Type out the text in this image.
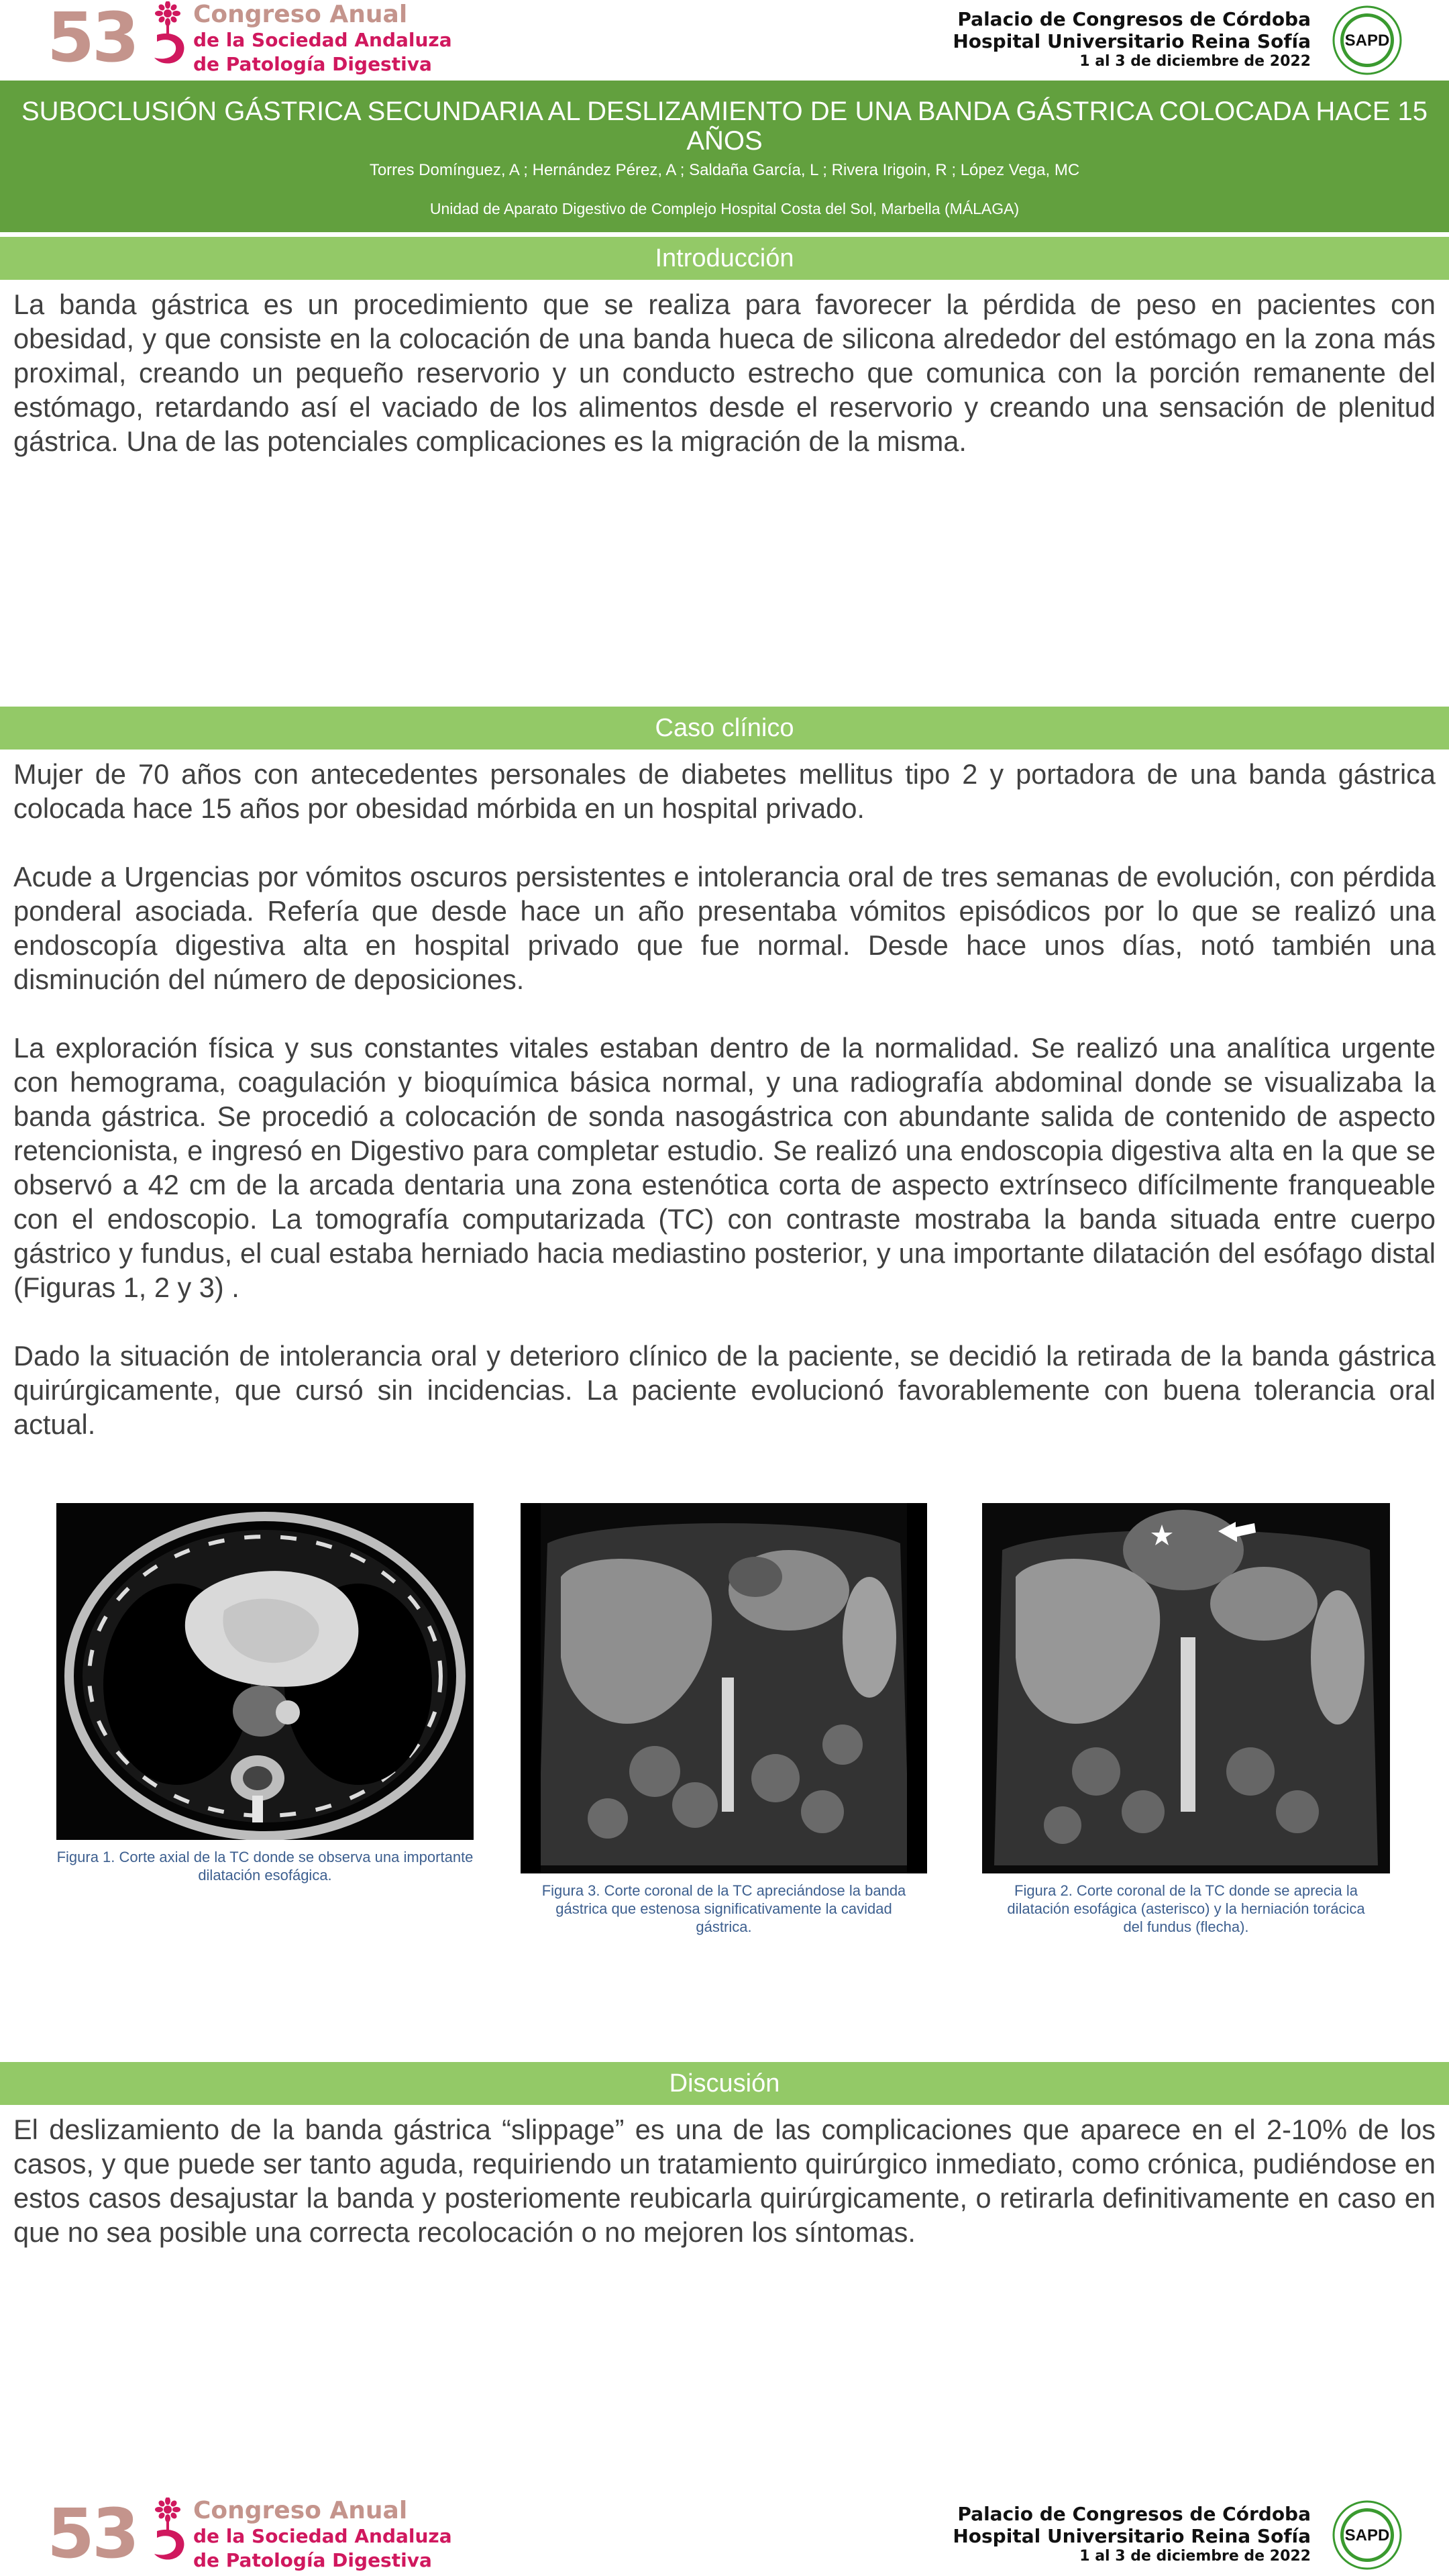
53 Congreso Anual
de la Sociedad Andaluza
de Patología Digestiva
Palacio de Congresos de Córdoba
Hospital Universitario Reina Sofía
1 al 3 de diciembre de 2022
SAPD
SUBOCLUSIÓN GÁSTRICA SECUNDARIA AL DESLIZAMIENTO DE UNA BANDA GÁSTRICA COLOCADA HACE 15 AÑOS
Torres Domínguez, A ; Hernández Pérez, A ; Saldaña García, L ; Rivera Irigoin, R ; López Vega, MC
Unidad de Aparato Digestivo de Complejo Hospital Costa del Sol, Marbella (MÁLAGA)
Introducción
La banda gástrica es un procedimiento que se realiza para favorecer la pérdida de peso en pacientes con obesidad, y que consiste en la colocación de una banda hueca de silicona alrededor del estómago en la zona más proximal, creando un pequeño reservorio y un conducto estrecho que comunica con la porción remanente del estómago, retardando así el vaciado de los alimentos desde el reservorio y creando una sensación de plenitud gástrica. Una de las potenciales complicaciones es la migración de la misma.
Caso clínico
Mujer de 70 años con antecedentes personales de diabetes mellitus tipo 2 y portadora de una banda gástrica colocada hace 15 años por obesidad mórbida en un hospital privado.
Acude a Urgencias por vómitos oscuros persistentes e intolerancia oral de tres semanas de evolución, con pérdida ponderal asociada. Refería que desde hace un año presentaba vómitos episódicos por lo que se realizó una endoscopía digestiva alta en hospital privado que fue normal. Desde hace unos días, notó también una disminución del número de deposiciones.
La exploración física y sus constantes vitales estaban dentro de la normalidad. Se realizó una analítica urgente con hemograma, coagulación y bioquímica básica normal, y una radiografía abdominal donde se visualizaba la banda gástrica. Se procedió a colocación de sonda nasogástrica con abundante salida de contenido de aspecto retencionista, e ingresó en Digestivo para completar estudio. Se realizó una endoscopia digestiva alta en la que se observó a 42 cm de la arcada dentaria una zona estenótica corta de aspecto extrínseco difícilmente franqueable con el endoscopio. La tomografía computarizada (TC) con contraste mostraba la banda situada entre cuerpo gástrico y fundus, el cual estaba herniado hacia mediastino posterior, y una importante dilatación del esófago distal (Figuras 1, 2 y 3) .
Dado la situación de intolerancia oral y deterioro clínico de la paciente, se decidió la retirada de la banda gástrica quirúrgicamente, que cursó sin incidencias. La paciente evolucionó favorablemente con buena tolerancia oral actual.
Figura 1. Corte axial de la TC donde se observa una importante dilatación esofágica.
Figura 3. Corte coronal de la TC apreciándose la banda gástrica que estenosa significativamente la cavidad gástrica.
Figura 2. Corte coronal de la TC donde se aprecia la dilatación esofágica (asterisco) y la herniación torácica del fundus (flecha).
Discusión
El deslizamiento de la banda gástrica “slippage” es una de las complicaciones que aparece en el 2-10% de los casos, y que puede ser tanto aguda, requiriendo un tratamiento quirúrgico inmediato, como crónica, pudiéndose en estos casos desajustar la banda y posteriomente reubicarla quirúrgicamente, o retirarla definitivamente en caso en que no sea posible una correcta recolocación o no mejoren los síntomas.
53 Congreso Anual
de la Sociedad Andaluza
de Patología Digestiva
Palacio de Congresos de Córdoba
Hospital Universitario Reina Sofía
1 al 3 de diciembre de 2022
SAPD
